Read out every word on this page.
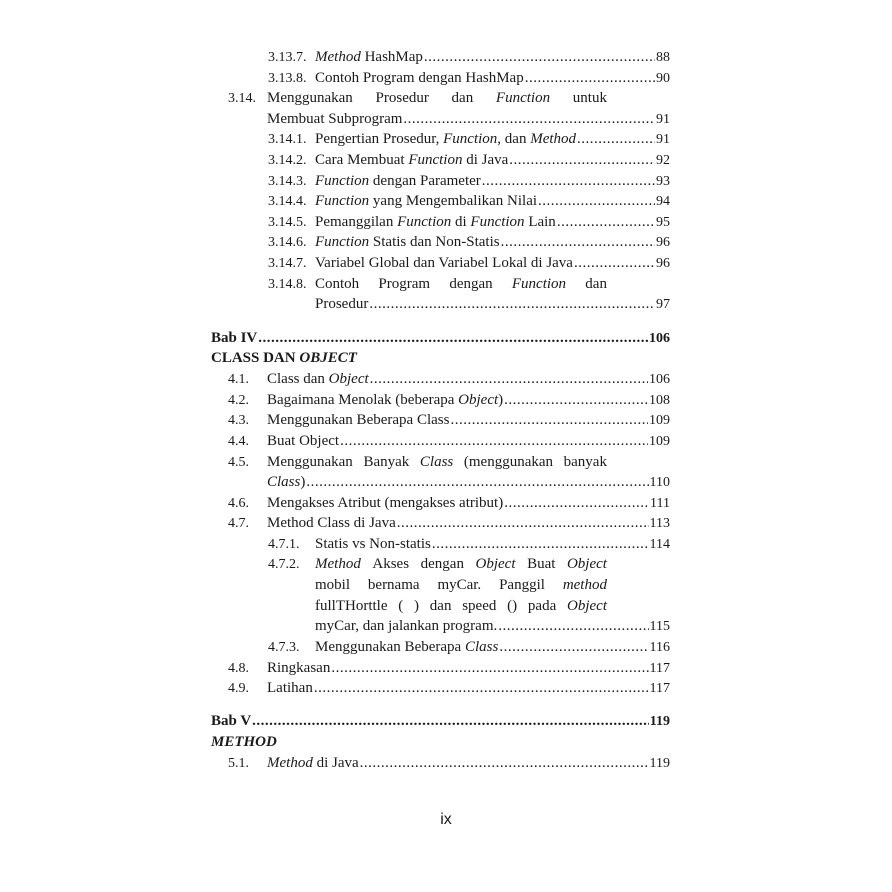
3.13.7. Method HashMap .....	88
3.13.8. Contoh Program dengan HashMap .....	90
3.14. Menggunakan Prosedur dan Function untuk
Membuat Subprogram .....	91
3.14.1. Pengertian Prosedur, Function, dan Method .....	91
3.14.2. Cara Membuat Function di Java .....	92
3.14.3. Function dengan Parameter .....	93
3.14.4. Function yang Mengembalikan Nilai .....	94
3.14.5. Pemanggilan Function di Function Lain .....	95
3.14.6. Function Statis dan Non-Statis .....	96
3.14.7. Variabel Global dan Variabel Lokal di Java .....	96
3.14.8. Contoh Program dengan Function dan
Prosedur .....	97
Bab IV .....	106
CLASS DAN OBJECT
4.1. Class dan Object .....	106
4.2. Bagaimana Menolak (beberapa Object) .....	108
4.3. Menggunakan Beberapa Class .....	109
4.4. Buat Object .....	109
4.5. Menggunakan Banyak Class (menggunakan banyak
Class) .....	110
4.6. Mengakses Atribut (mengakses atribut) .....	111
4.7. Method Class di Java .....	113
4.7.1. Statis vs Non-statis .....	114
4.7.2. Method Akses dengan Object Buat Object
mobil bernama myCar. Panggil method
fullTHorttle ( ) dan speed () pada Object
myCar, dan jalankan program. .....	115
4.7.3. Menggunakan Beberapa Class .....	116
4.8. Ringkasan .....	117
4.9. Latihan .....	117
Bab V .....	119
METHOD
5.1. Method di Java .....	119
ix
